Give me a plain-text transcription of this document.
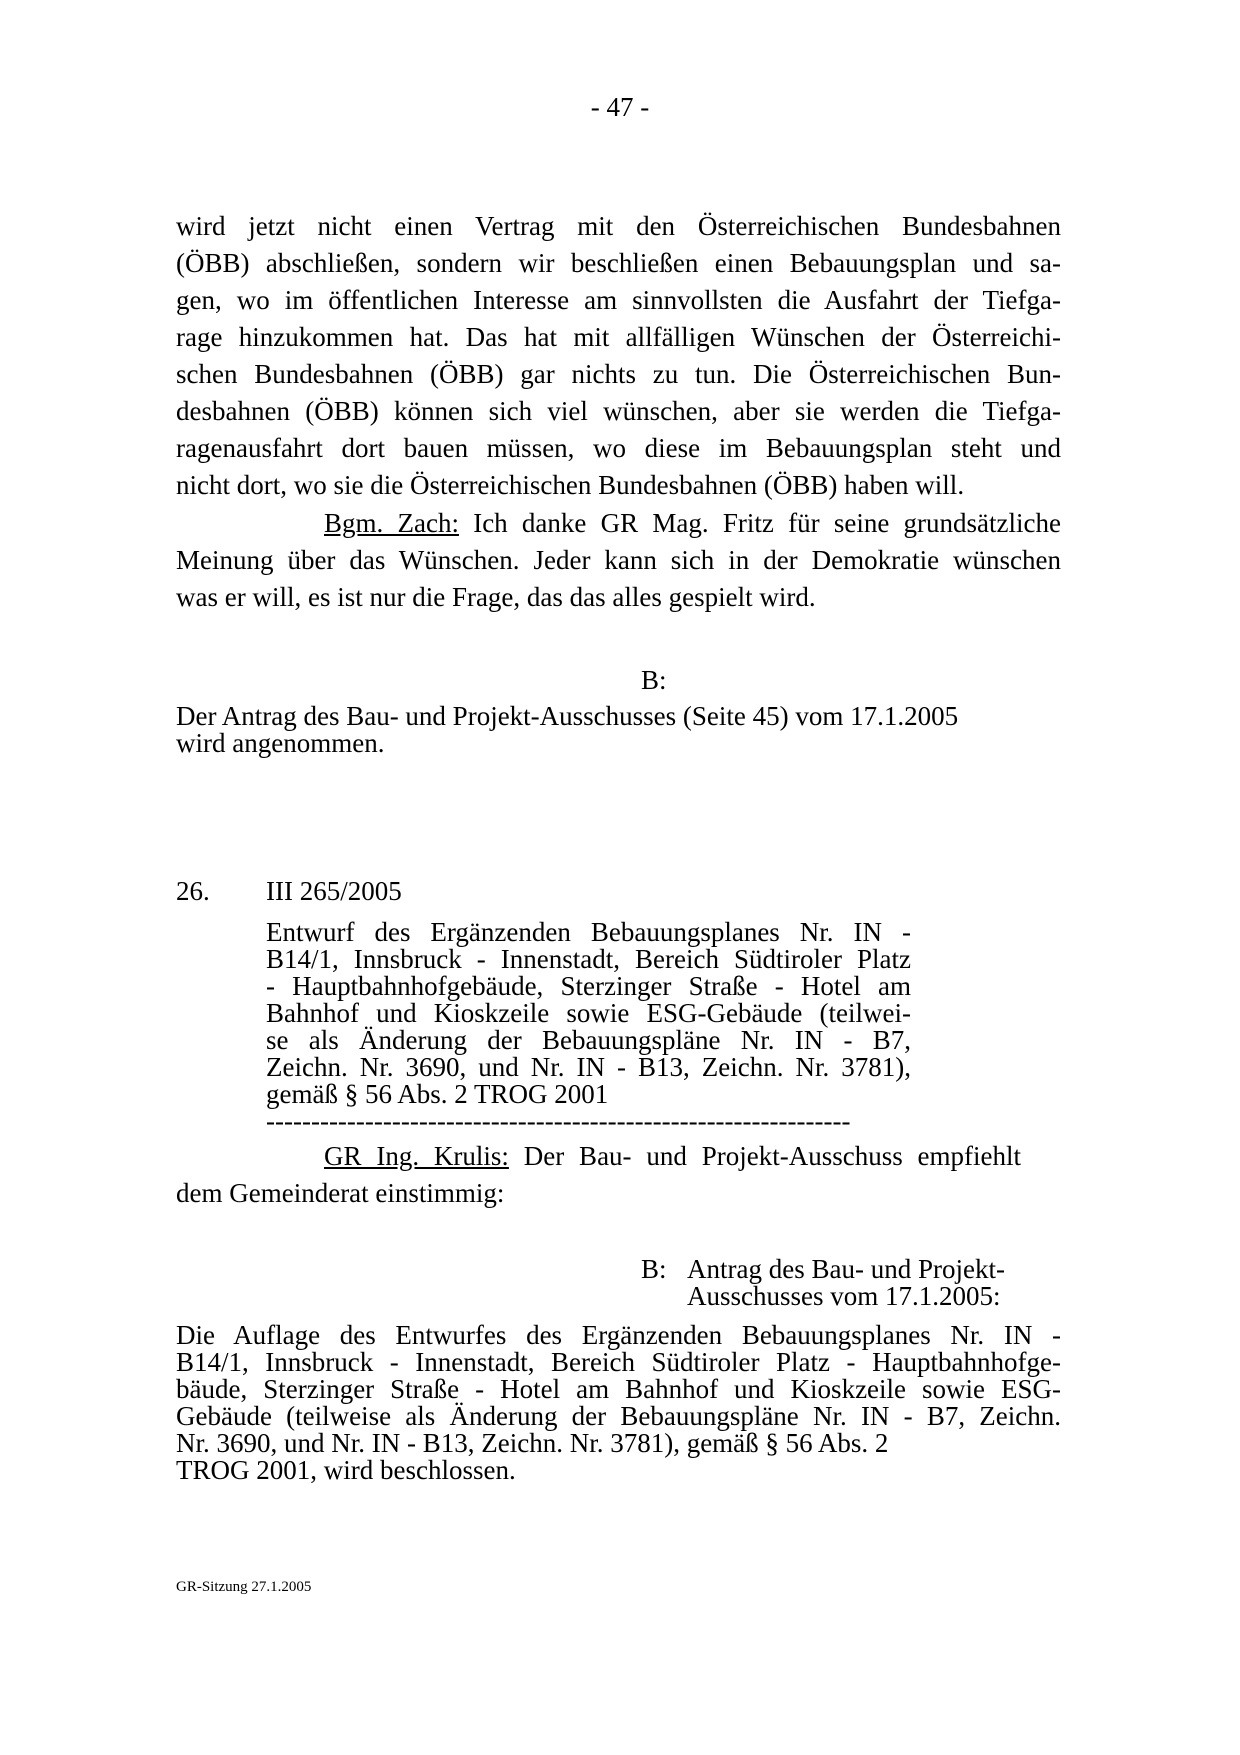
- 47 -
wird jetzt nicht einen Vertrag mit den Österreichischen Bundesbahnen
(ÖBB) abschließen, sondern wir beschließen einen Bebauungsplan und sa-
gen, wo im öffentlichen Interesse am sinnvollsten die Ausfahrt der Tiefga-
rage hinzukommen hat. Das hat mit allfälligen Wünschen der Österreichi-
schen Bundesbahnen (ÖBB) gar nichts zu tun. Die Österreichischen Bun-
desbahnen (ÖBB) können sich viel wünschen, aber sie werden die Tiefga-
ragenausfahrt dort bauen müssen, wo diese im Bebauungsplan steht und
nicht dort, wo sie die Österreichischen Bundesbahnen (ÖBB) haben will.
Bgm. Zach: Ich danke GR Mag. Fritz für seine grundsätzliche
Meinung über das Wünschen. Jeder kann sich in der Demokratie wünschen
was er will, es ist nur die Frage, das das alles gespielt wird.
B:
Der Antrag des Bau- und Projekt-Ausschusses (Seite 45) vom 17.1.2005
wird angenommen.
26. III 265/2005
Entwurf des Ergänzenden Bebauungsplanes Nr. IN -
B14/1, Innsbruck - Innenstadt, Bereich Südtiroler Platz
- Hauptbahnhofgebäude, Sterzinger Straße - Hotel am
Bahnhof und Kioskzeile sowie ESG-Gebäude (teilwei-
se als Änderung der Bebauungspläne Nr. IN - B7,
Zeichn. Nr. 3690, und Nr. IN - B13, Zeichn. Nr. 3781),
gemäß § 56 Abs. 2 TROG 2001
-----------------------------------------------------------------
GR Ing. Krulis: Der Bau- und Projekt-Ausschuss empfiehlt
dem Gemeinderat einstimmig:
B: Antrag des Bau- und Projekt-
Ausschusses vom 17.1.2005:
Die Auflage des Entwurfes des Ergänzenden Bebauungsplanes Nr. IN -
B14/1, Innsbruck - Innenstadt, Bereich Südtiroler Platz - Hauptbahnhofge-
bäude, Sterzinger Straße - Hotel am Bahnhof und Kioskzeile sowie ESG-
Gebäude (teilweise als Änderung der Bebauungspläne Nr. IN - B7, Zeichn.
Nr. 3690, und Nr. IN - B13, Zeichn. Nr. 3781), gemäß § 56 Abs. 2
TROG 2001, wird beschlossen.
GR-Sitzung 27.1.2005
